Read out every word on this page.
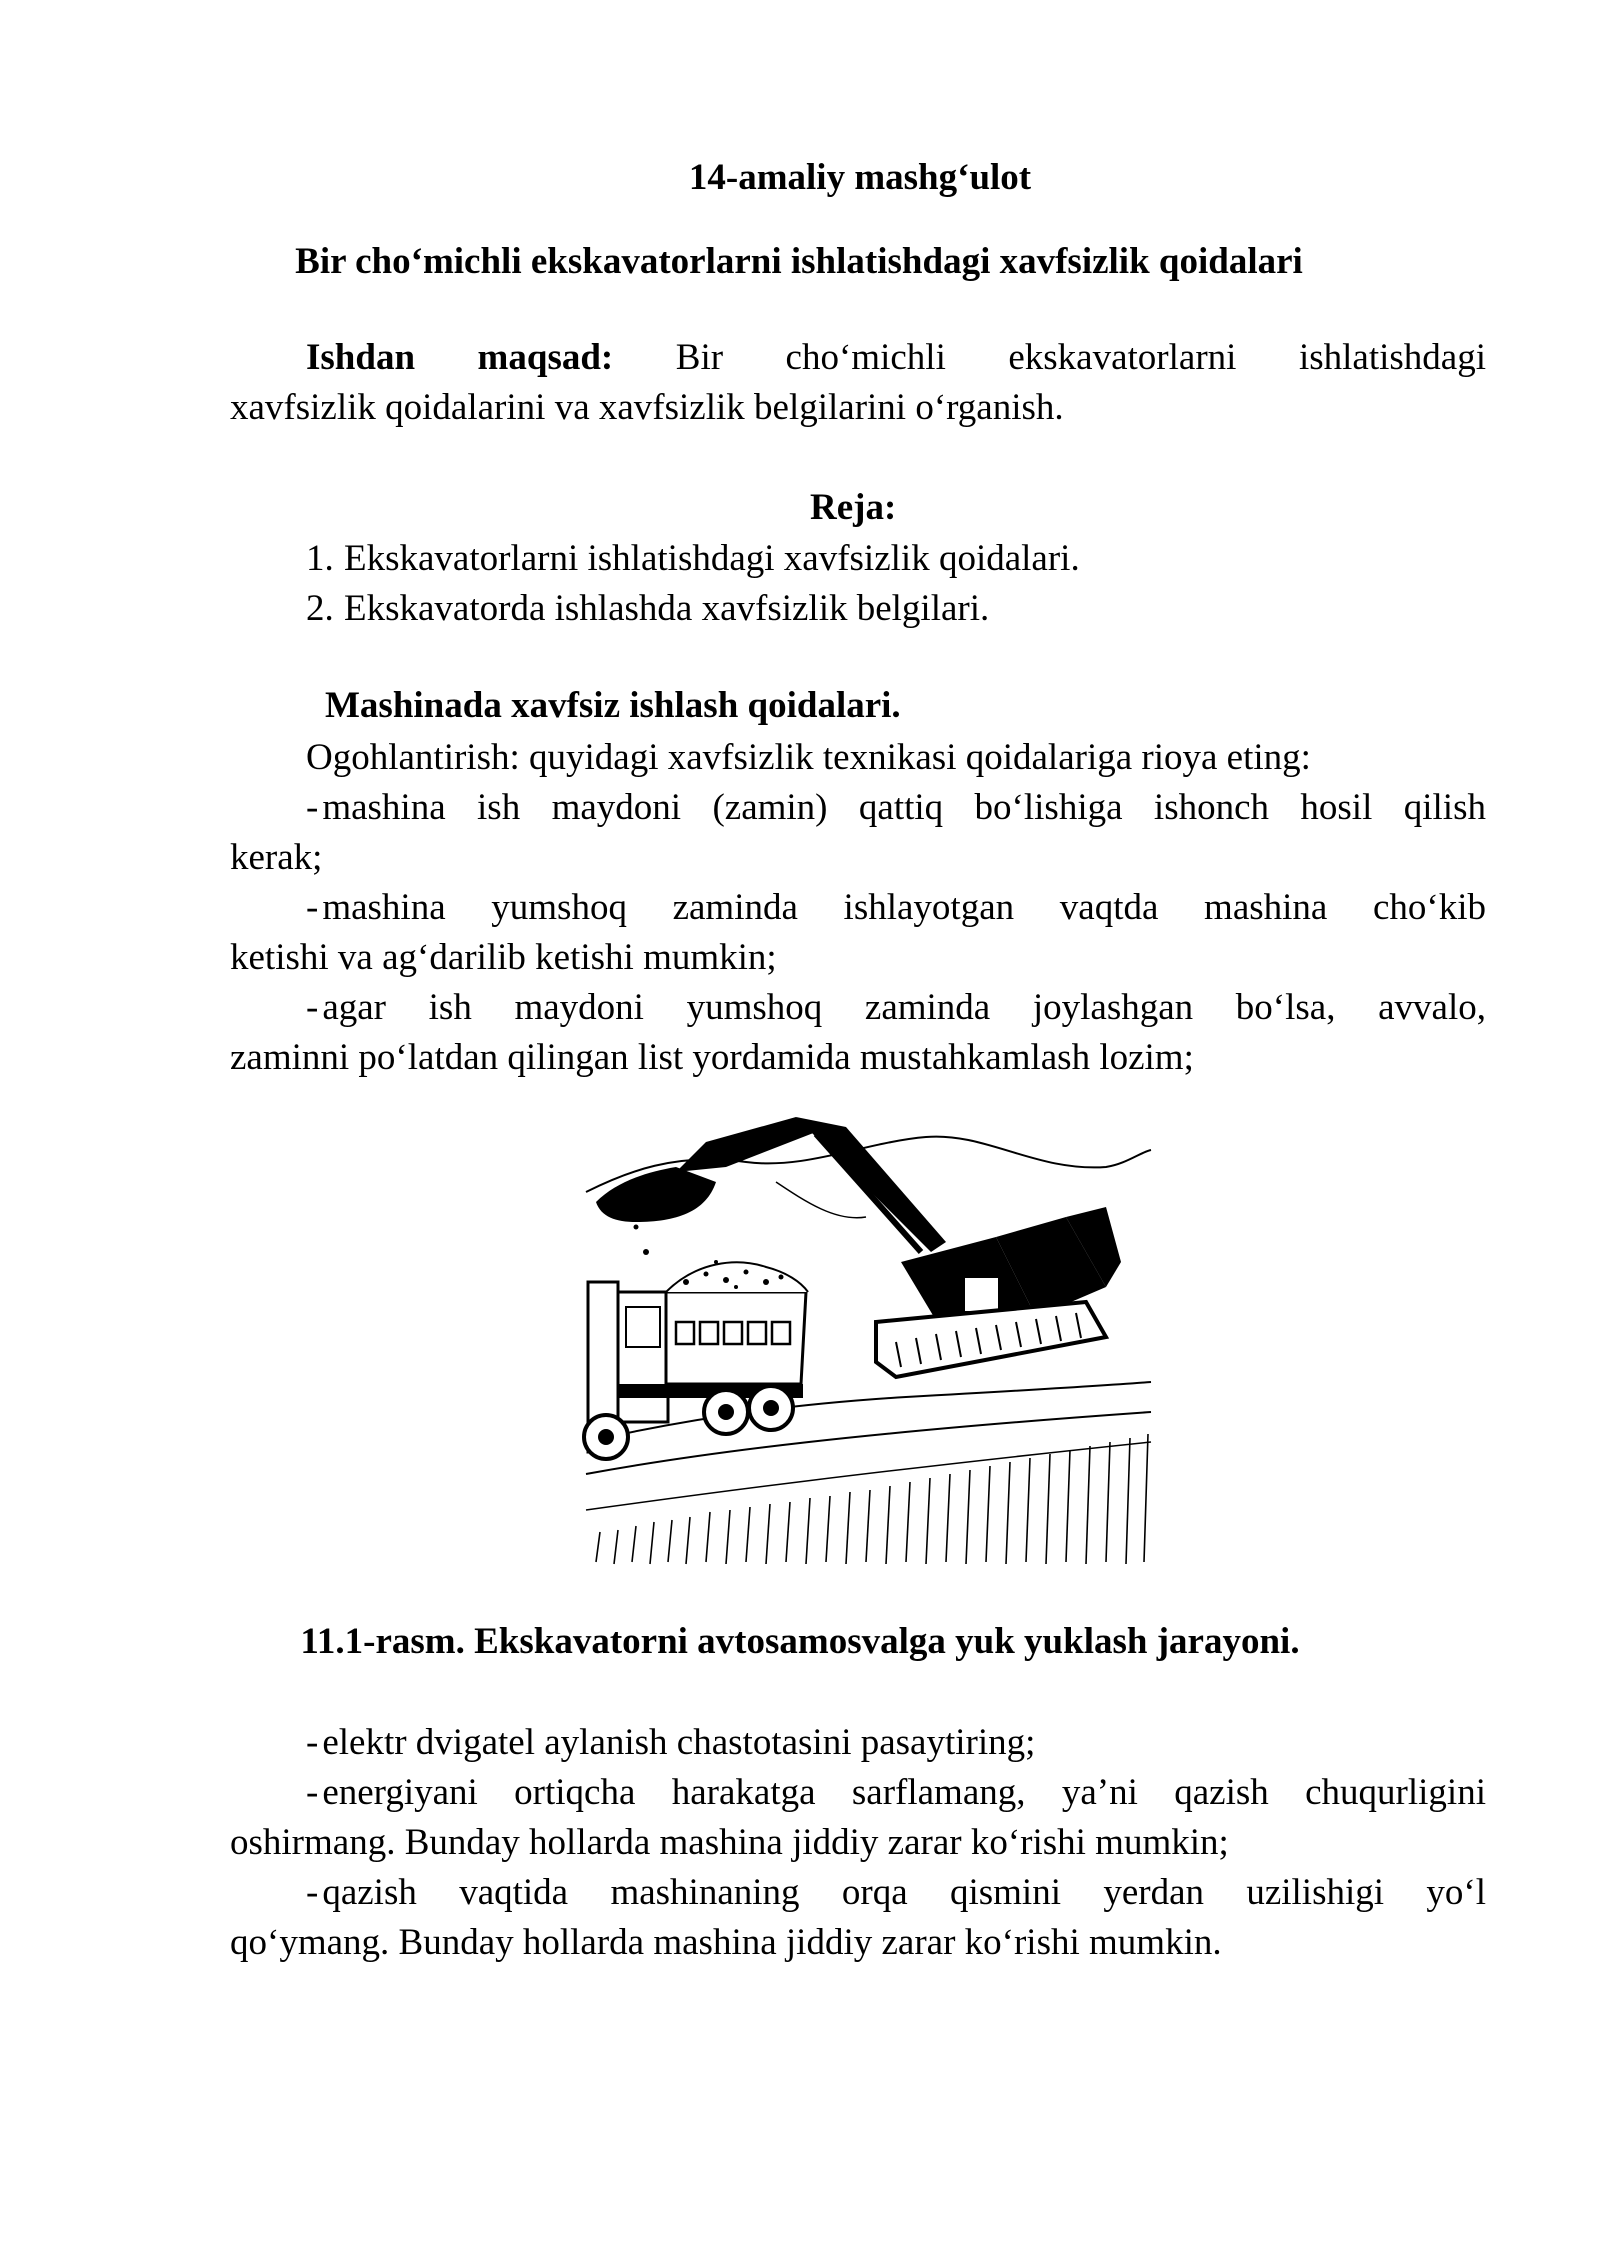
14-amaliy mashg‘ulot
Bir cho‘michli ekskavatorlarni ishlatishdagi xavfsizlik qoidalari
Ishdan maqsad: Bir cho‘michli ekskavatorlarni ishlatishdagi
xavfsizlik qoidalarini va xavfsizlik belgilarini o‘rganish.
Reja:
1. Ekskavatorlarni ishlatishdagi xavfsizlik qoidalari.
2. Ekskavatorda ishlashda xavfsizlik belgilari.
Mashinada xavfsiz ishlash qoidalari.
Ogohlantirish: quyidagi xavfsizlik texnikasi qoidalariga rioya eting:
- mashina ish maydoni (zamin) qattiq bo‘lishiga ishonch hosil qilish
kerak;
- mashina yumshoq zaminda ishlayotgan vaqtda mashina cho‘kib
ketishi va ag‘darilib ketishi mumkin;
- agar ish maydoni yumshoq zaminda joylashgan bo‘lsa, avvalo,
zaminni po‘latdan qilingan list yordamida mustahkamlash lozim;
11.1-rasm. Ekskavatorni avtosamosvalga yuk yuklash jarayoni.
- elektr dvigatel aylanish chastotasini pasaytiring;
- energiyani ortiqcha harakatga sarflamang, ya’ni qazish chuqurligini
oshirmang. Bunday hollarda mashina jiddiy zarar ko‘rishi mumkin;
- qazish vaqtida mashinaning orqa qismini yerdan uzilishigi yo‘l
qo‘ymang. Bunday hollarda mashina jiddiy zarar ko‘rishi mumkin.
